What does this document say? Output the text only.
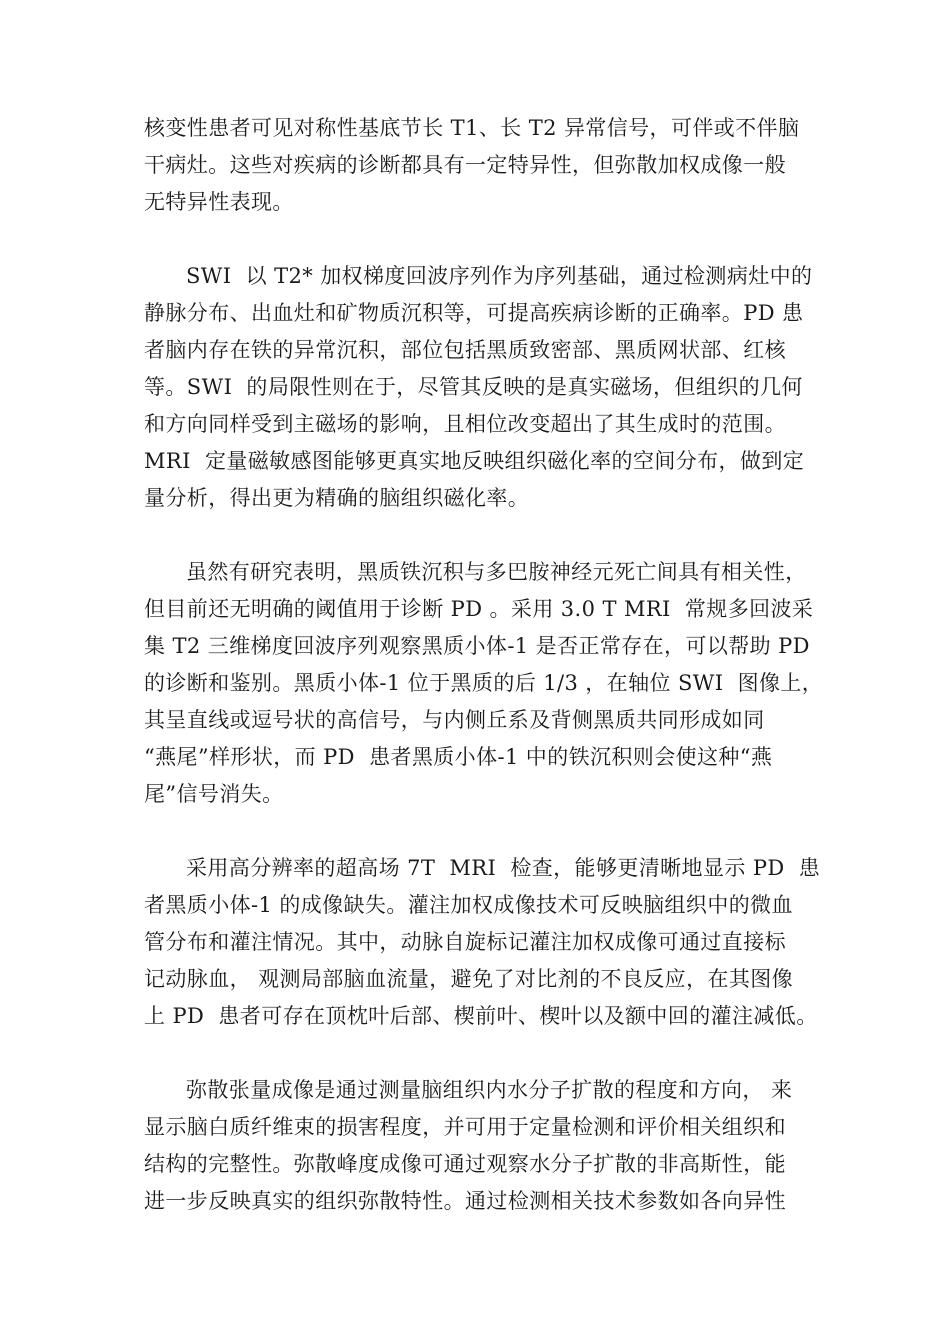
核变性患者可见对称性基底节长 T1、长 T2 异常信号，可伴或不伴脑
干病灶。这些对疾病的诊断都具有一定特异性，但弥散加权成像一般
无特异性表现。
SWI  以 T2* 加权梯度回波序列作为序列基础，通过检测病灶中的
静脉分布、出血灶和矿物质沉积等，可提高疾病诊断的正确率。PD 患
者脑内存在铁的异常沉积，部位包括黑质致密部、黑质网状部、红核
等。SWI  的局限性则在于，尽管其反映的是真实磁场，但组织的几何
和方向同样受到主磁场的影响，且相位改变超出了其生成时的范围。
MRI  定量磁敏感图能够更真实地反映组织磁化率的空间分布，做到定
量分析，得出更为精确的脑组织磁化率。
虽然有研究表明，黑质铁沉积与多巴胺神经元死亡间具有相关性，
但目前还无明确的阈值用于诊断 PD 。采用 3.0 T MRI  常规多回波采
集 T2 三维梯度回波序列观察黑质小体-1 是否正常存在，可以帮助 PD
的诊断和鉴别。黑质小体-1 位于黑质的后 1/3 ，在轴位 SWI  图像上，
其呈直线或逗号状的高信号，与内侧丘系及背侧黑质共同形成如同
“燕尾”样形状，而 PD  患者黑质小体-1 中的铁沉积则会使这种“燕
尾”信号消失。
采用高分辨率的超高场 7T  MRI  检查，能够更清晰地显示 PD  患
者黑质小体-1 的成像缺失。灌注加权成像技术可反映脑组织中的微血
管分布和灌注情况。其中，动脉自旋标记灌注加权成像可通过直接标
记动脉血， 观测局部脑血流量，避免了对比剂的不良反应，在其图像
上 PD  患者可存在顶枕叶后部、楔前叶、楔叶以及额中回的灌注减低。
弥散张量成像是通过测量脑组织内水分子扩散的程度和方向， 来
显示脑白质纤维束的损害程度，并可用于定量检测和评价相关组织和
结构的完整性。弥散峰度成像可通过观察水分子扩散的非高斯性，能
进一步反映真实的组织弥散特性。通过检测相关技术参数如各向异性
